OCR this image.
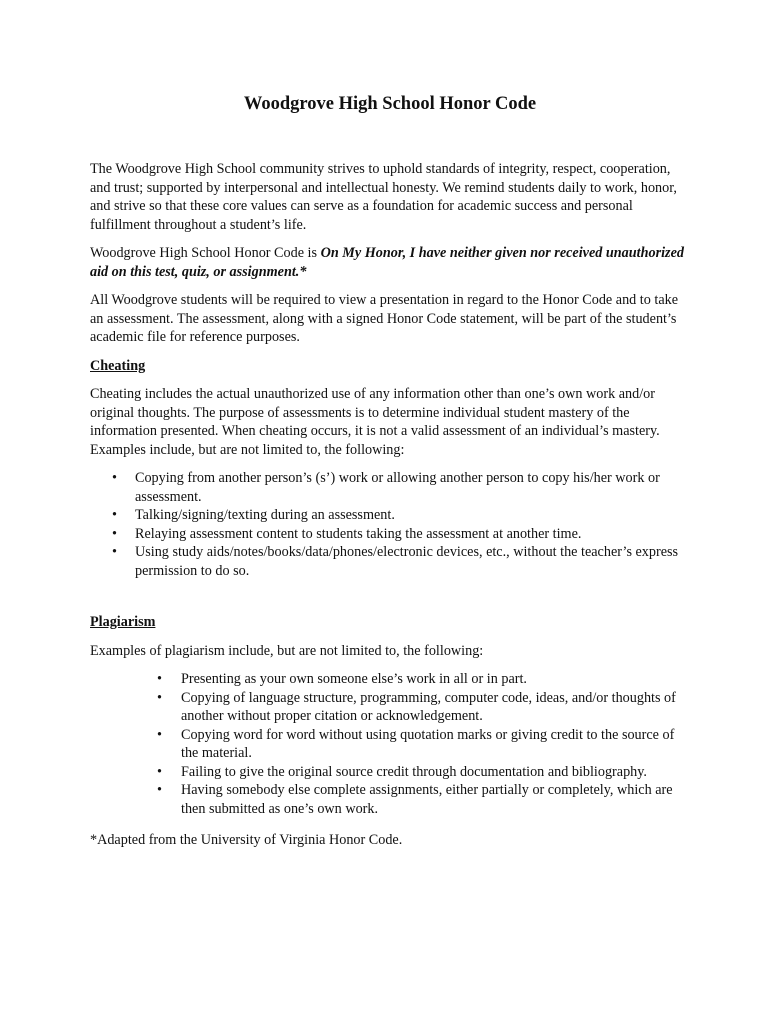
Woodgrove High School Honor Code

The Woodgrove High School community strives to uphold standards of integrity, respect, cooperation, and trust; supported by interpersonal and intellectual honesty. We remind students daily to work, honor, and strive so that these core values can serve as a foundation for academic success and personal fulfillment throughout a student’s life.

Woodgrove High School Honor Code is On My Honor, I have neither given nor received unauthorized aid on this test, quiz, or assignment.*

All Woodgrove students will be required to view a presentation in regard to the Honor Code and to take an assessment. The assessment, along with a signed Honor Code statement, will be part of the student’s academic file for reference purposes.

Cheating

Cheating includes the actual unauthorized use of any information other than one’s own work and/or original thoughts. The purpose of assessments is to determine individual student mastery of the information presented. When cheating occurs, it is not a valid assessment of an individual’s mastery. Examples include, but are not limited to, the following:

• Copying from another person’s (s’) work or allowing another person to copy his/her work or assessment.
• Talking/signing/texting during an assessment.
• Relaying assessment content to students taking the assessment at another time.
• Using study aids/notes/books/data/phones/electronic devices, etc., without the teacher’s express permission to do so.
Plagiarism

Examples of plagiarism include, but are not limited to, the following:

• Presenting as your own someone else’s work in all or in part.
• Copying of language structure, programming, computer code, ideas, and/or thoughts of another without proper citation or acknowledgement.
• Copying word for word without using quotation marks or giving credit to the source of the material.
• Failing to give the original source credit through documentation and bibliography.
• Having somebody else complete assignments, either partially or completely, which are then submitted as one’s own work.

*Adapted from the University of Virginia Honor Code.
